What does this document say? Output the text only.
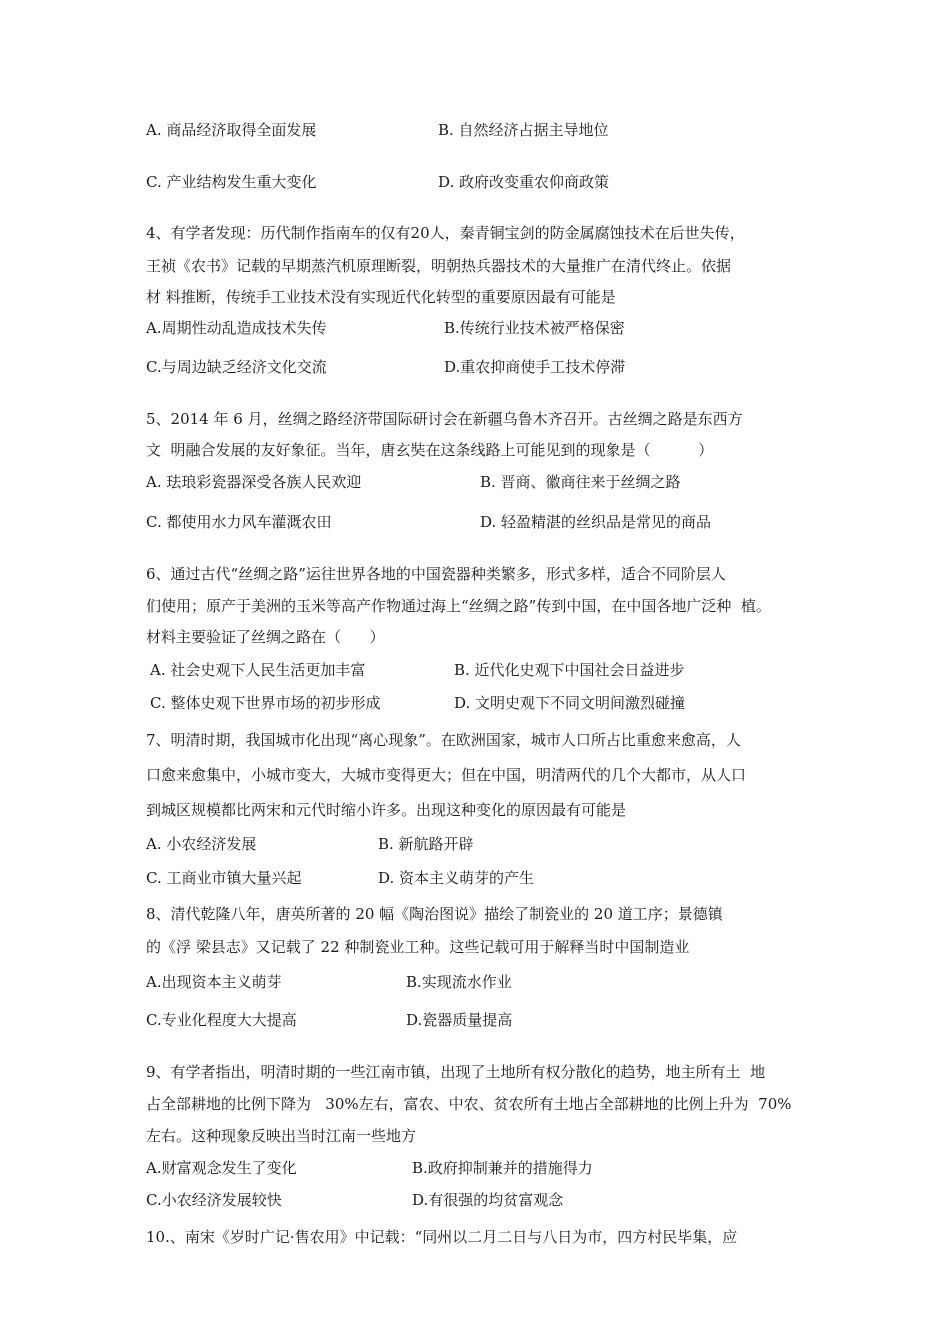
A. 商品经济取得全面发展	B. 自然经济占据主导地位
C. 产业结构发生重大变化	D. 政府改变重农仰商政策
4、有学者发现：历代制作指南车的仅有20人，秦青铜宝剑的防金属腐蚀技术在后世失传，
王祯《农书》记载的早期蒸汽机原理断裂，明朝热兵器技术的大量推广在清代终止。依据
材 料推断，传统手工业技术没有实现近代化转型的重要原因最有可能是
A.周期性动乱造成技术失传	B.传统行业技术被严格保密
C.与周边缺乏经济文化交流	D.重农抑商使手工技术停滞
5、2014 年 6 月，丝绸之路经济带国际研讨会在新疆乌鲁木齐召开。古丝绸之路是东西方
文  明融合发展的友好象征。当年，唐玄奘在这条线路上可能见到的现象是（          ）
A. 珐琅彩瓷器深受各族人民欢迎	B. 晋商、徽商往来于丝绸之路
C. 都使用水力风车灌溉农田	D. 轻盈精湛的丝织品是常见的商品
6、通过古代“丝绸之路”运往世界各地的中国瓷器种类繁多，形式多样，适合不同阶层人
们使用；原产于美洲的玉米等高产作物通过海上“丝绸之路”传到中国，在中国各地广泛种  植。
材料主要验证了丝绸之路在（      ）
A. 社会史观下人民生活更加丰富	B. 近代化史观下中国社会日益进步
C. 整体史观下世界市场的初步形成	D. 文明史观下不同文明间激烈碰撞
7、明清时期，我国城市化出现“离心现象”。在欧洲国家，城市人口所占比重愈来愈高，人
口愈来愈集中，小城市变大，大城市变得更大；但在中国，明清两代的几个大都市，从人口
到城区规模都比两宋和元代时缩小许多。出现这种变化的原因最有可能是
A. 小农经济发展	B. 新航路开辟
C. 工商业市镇大量兴起	D. 资本主义萌芽的产生
8、清代乾隆八年，唐英所著的 20 幅《陶治图说》描绘了制瓷业的 20 道工序；景德镇
的《浮 梁县志》又记载了 22 种制瓷业工种。这些记载可用于解释当时中国制造业
A.出现资本主义萌芽	B.实现流水作业
C.专业化程度大大提高	D.瓷器质量提高
9、有学者指出，明清时期的一些江南市镇，出现了土地所有权分散化的趋势，地主所有土  地
占全部耕地的比例下降为   30%左右，富农、中农、贫农所有土地占全部耕地的比例上升为  70%
左右。这种现象反映出当时江南一些地方
A.财富观念发生了变化	B.政府抑制兼并的措施得力
C.小农经济发展较快	D.有很强的均贫富观念
10.、南宋《岁时广记·售农用》中记载：“同州以二月二日与八日为市，四方村民毕集，应
